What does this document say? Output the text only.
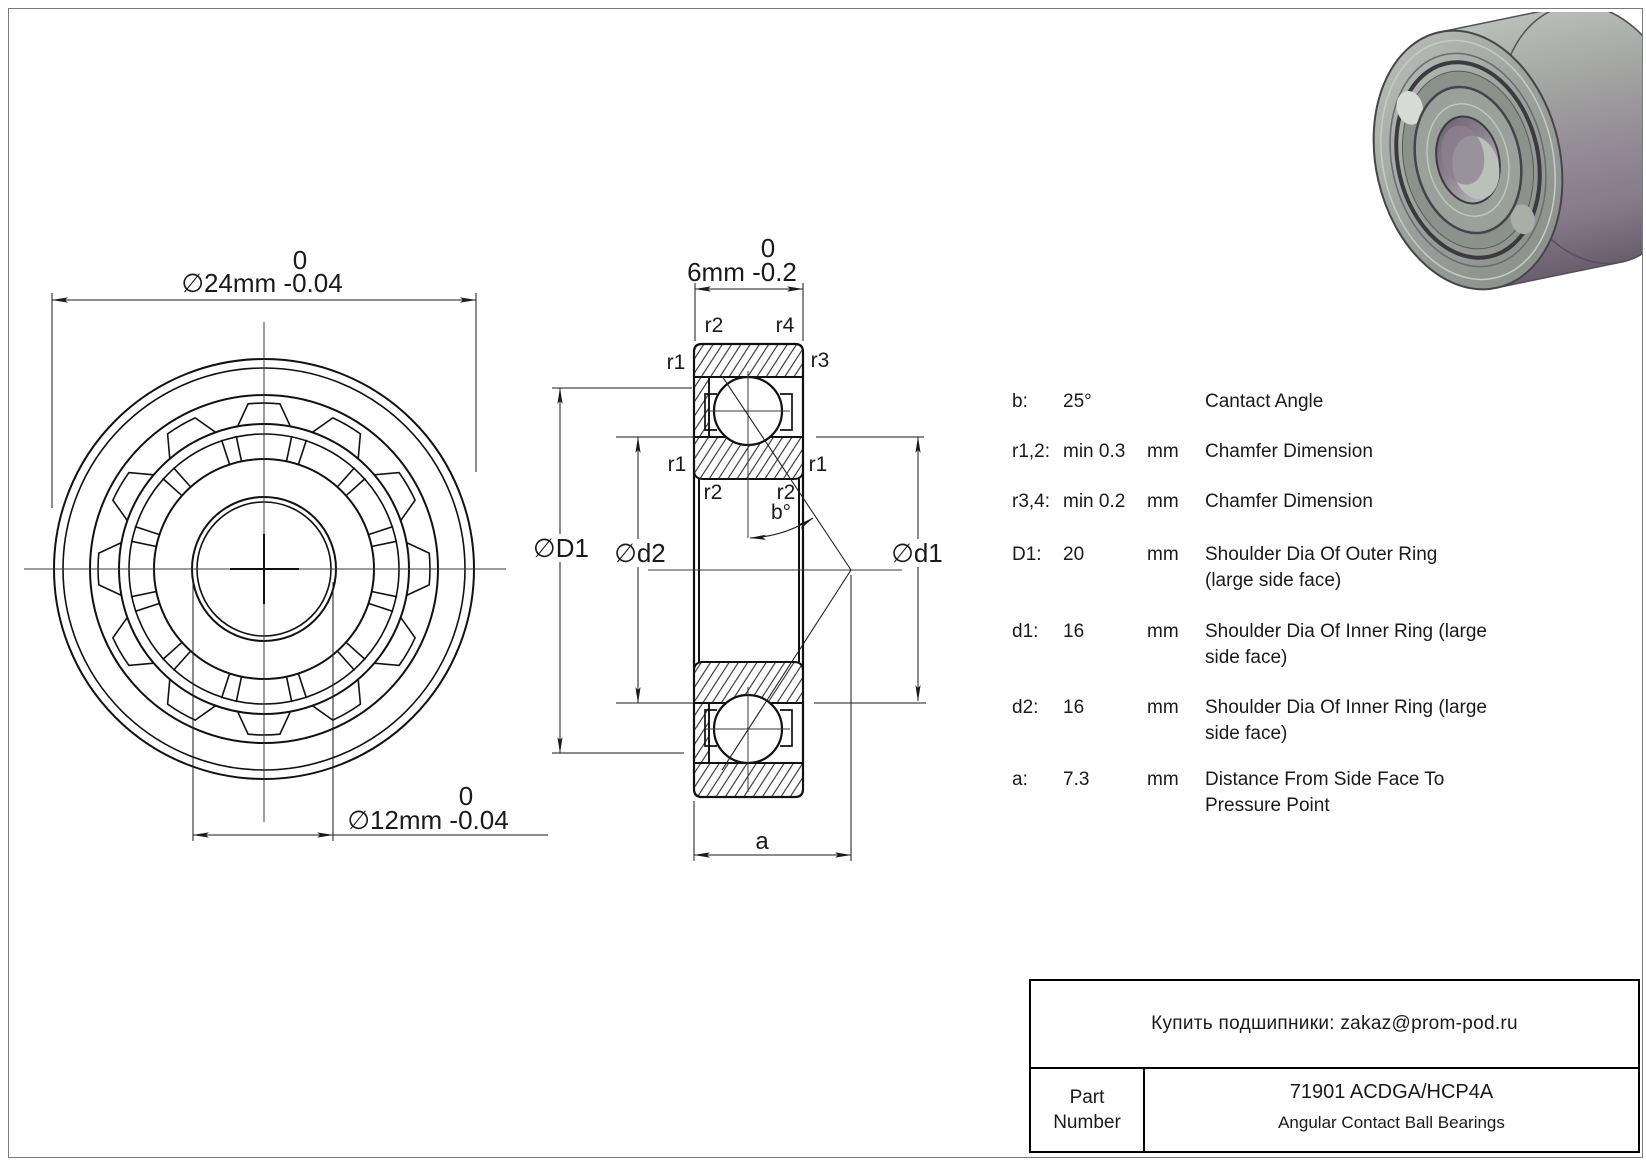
0
∅24mm -0.04
0
∅12mm -0.04
0
6mm -0.2
r2 r4
r1	r3
r1	r1
r2	r2
b°
∅D1 ∅d2	∅d1
a
b: 25°	Cantact Angle
r1,2: min 0.3 mm Chamfer Dimension
r3,4: min 0.2 mm Chamfer Dimension
D1: 20	mm Shoulder Dia Of Outer Ring (large side face)
d1: 16	mm Shoulder Dia Of Inner Ring (large side face)
d2: 16	mm Shoulder Dia Of Inner Ring (large side face)
a: 7.3	mm Distance From Side Face To Pressure Point
Купить подшипники: zakaz@prom-pod.ru
Part
Number
71901 ACDGA/HCP4A
Angular Contact Ball Bearings
